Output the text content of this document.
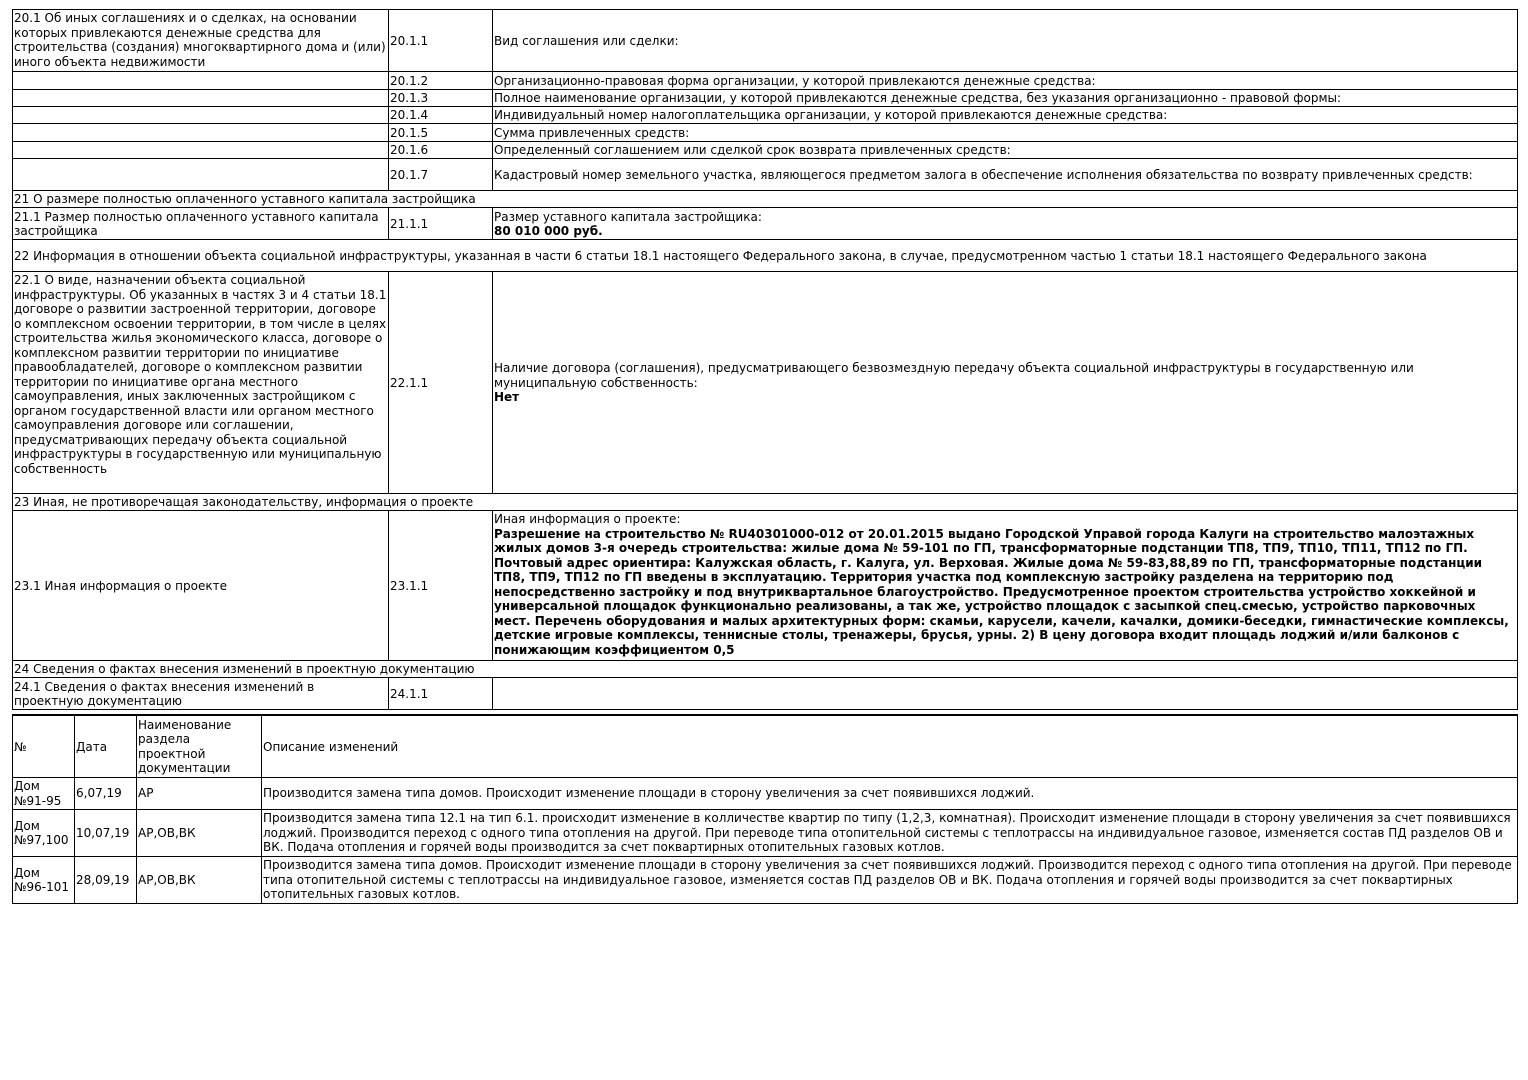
20.1 Об иных соглашениях и о сделках, на основании которых привлекаются денежные средства для строительства (создания) многоквартирного дома и (или) иного объекта недвижимости	20.1.1	Вид соглашения или сделки:
	20.1.2	Организационно-правовая форма организации, у которой привлекаются денежные средства:
	20.1.3	Полное наименование организации, у которой привлекаются денежные средства, без указания организационно - правовой формы:
	20.1.4	Индивидуальный номер налогоплательщика организации, у которой привлекаются денежные средства:
	20.1.5	Сумма привлеченных средств:
	20.1.6	Определенный соглашением или сделкой срок возврата привлеченных средств:
	20.1.7	Кадастровый номер земельного участка, являющегося предметом залога в обеспечение исполнения обязательства по возврату привлеченных средств:
21 О размере полностью оплаченного уставного капитала застройщика		
21.1 Размер полностью оплаченного уставного капитала застройщика	21.1.1	Размер уставного капитала застройщика:
80 010 000 руб.

22 Информация в отношении объекта социальной инфраструктуры, указанная в части 6 статьи 18.1 настоящего Федерального закона, в случае, предусмотренном частью 1 статьи 18.1 настоящего Федерального закона		
22.1 О виде, назначении объекта социальной инфраструктуры. Об указанных в частях 3 и 4 статьи 18.1 договоре о развитии застроенной территории, договоре о комплексном освоении территории, в том числе в целях строительства жилья экономического класса, договоре о комплексном развитии территории по инициативе правообладателей, договоре о комплексном развитии территории по инициативе органа местного самоуправления, иных заключенных застройщиком с органом государственной власти или органом местного самоуправления договоре или соглашении, предусматривающих передачу объекта социальной инфраструктуры в государственную или муниципальную собственность	22.1.1	Наличие договора (соглашения), предусматривающего безвозмездную передачу объекта социальной инфраструктуры в государственную или муниципальную собственность:
Нет

23 Иная, не противоречащая законодательству, информация о проекте		
23.1 Иная информация о проекте	23.1.1	Иная информация о проекте:
Разрешение на строительство № RU40301000-012 от 20.01.2015 выдано Городской Управой города Калуги на строительство малоэтажных жилых домов 3-я очередь строительства: жилые дома № 59-101 по ГП, трансформаторные подстанции ТП8, ТП9, ТП10, ТП11, ТП12 по ГП. Почтовый адрес ориентира: Калужская область, г. Калуга, ул. Верховая. Жилые дома № 59-83,88,89 по ГП, трансформаторные подстанции ТП8, ТП9, ТП12 по ГП введены в эксплуатацию. Территория участка под комплексную застройку разделена на территорию под непосредственно застройку и под внутриквартальное благоустройство. Предусмотренное проектом строительства устройство хоккейной и универсальной площадок функционально реализованы, а так же, устройство площадок с засыпкой спец.смесью, устройство парковочных мест. Перечень оборудования и малых архитектурных форм: скамьи, карусели, качели, качалки, домики-беседки, гимнастические комплексы, детские игровые комплексы, теннисные столы, тренажеры, брусья, урны. 2) В цену договора входит площадь лоджий и/или балконов с понижающим коэффициентом 0,5

24 Сведения о фактах внесения изменений в проектную документацию		
24.1 Сведения о фактах внесения изменений в проектную документацию	24.1.1	
№	Дата	Наименование раздела проектной документации	Описание изменений
Дом №91-95	6,07,19	АР	Производится замена типа домов. Происходит изменение площади в сторону увеличения за счет появившихся лоджий.
Дом №97,100	10,07,19	АР,ОВ,ВК	Производится замена типа 12.1 на тип 6.1. происходит изменение в колличестве квартир по типу (1,2,3, комнатная). Происходит изменение площади в сторону увеличения за счет появившихся лоджий. Производится переход с одного типа отопления на другой. При переводе типа отопительной системы с теплотрассы на индивидуальное газовое, изменяется состав ПД разделов ОВ и ВК. Подача отопления и горячей воды производится за счет поквартирных отопительных газовых котлов.
Дом №96-101	28,09,19	АР,ОВ,ВК	Производится замена типа домов. Происходит изменение площади в сторону увеличения за счет появившихся лоджий. Производится переход с одного типа отопления на другой. При переводе типа отопительной системы с теплотрассы на индивидуальное газовое, изменяется состав ПД разделов ОВ и ВК. Подача отопления и горячей воды производится за счет поквартирных отопительных газовых котлов.
